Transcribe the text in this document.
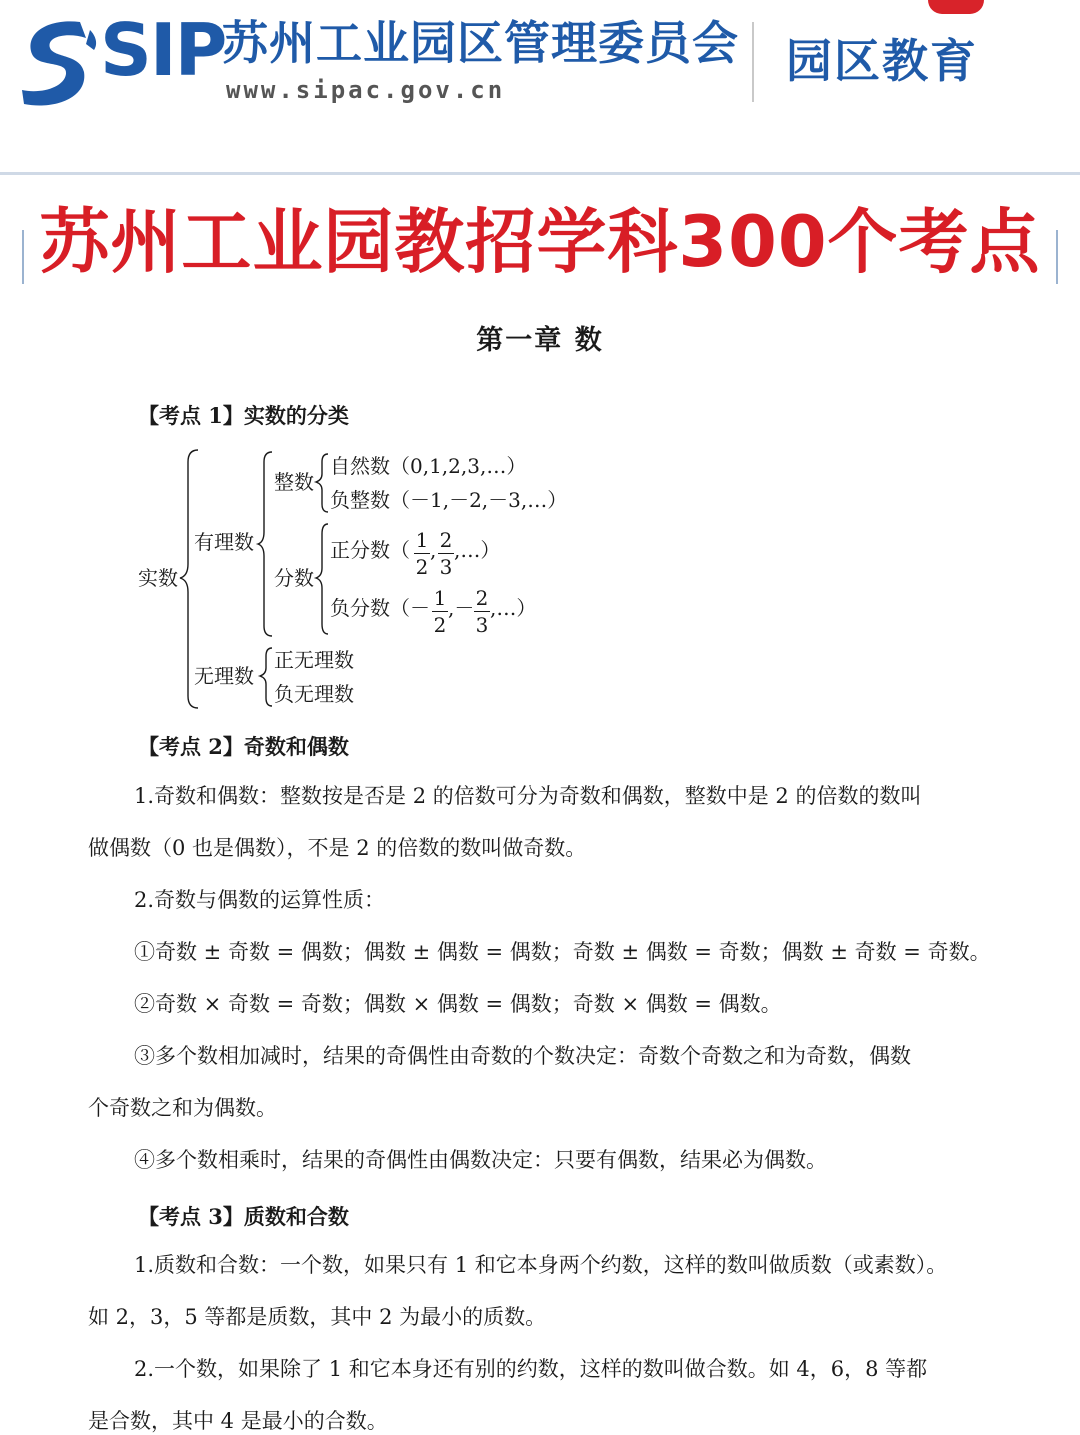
SIP
苏州工业园区管理委员会
www.sipac.gov.cn
园区教育
苏州工业园教招学科300个考点
第一章 数
【考点 1】实数的分类
实数
有理数
整数
自然数（0,1,2,3,…）
负整数（－1,－2,－3,…）
分数
正分数（ 1
2
, 2
3
,…）
负分数（－ 1
2
,－ 2
3
,…）
无理数
正无理数
负无理数
【考点 2】奇数和偶数
1.奇数和偶数：整数按是否是 2 的倍数可分为奇数和偶数，整数中是 2 的倍数的数叫
做偶数（0 也是偶数），不是 2 的倍数的数叫做奇数。
2.奇数与偶数的运算性质：
①奇数 ± 奇数 = 偶数；偶数 ± 偶数 = 偶数；奇数 ± 偶数 = 奇数；偶数 ± 奇数 = 奇数。
②奇数 × 奇数 = 奇数；偶数 × 偶数 = 偶数；奇数 × 偶数 = 偶数。
③多个数相加减时，结果的奇偶性由奇数的个数决定：奇数个奇数之和为奇数，偶数
个奇数之和为偶数。
④多个数相乘时，结果的奇偶性由偶数决定：只要有偶数，结果必为偶数。
【考点 3】质数和合数
1.质数和合数：一个数，如果只有 1 和它本身两个约数，这样的数叫做质数（或素数）。
如 2，3，5 等都是质数，其中 2 为最小的质数。
2.一个数，如果除了 1 和它本身还有别的约数，这样的数叫做合数。如 4，6，8 等都
是合数，其中 4 是最小的合数。
